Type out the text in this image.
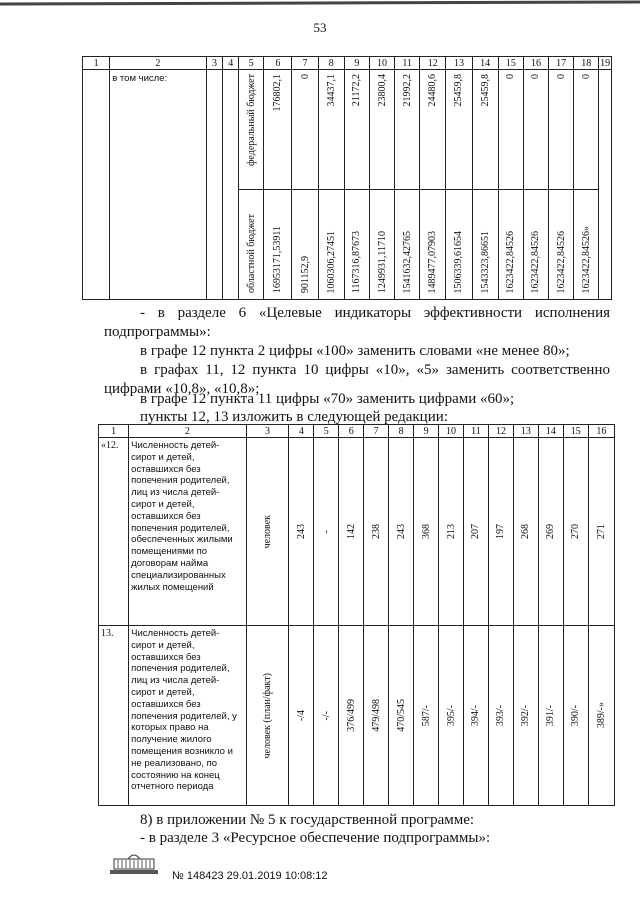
53
1	2	3	4	5	6	7	8	9	10	11	12	13	14	15	16	17	18	19
	в том числе:			федеральный бюджет	176802,1	0	34437,1	21172,2	23800,4	21992,2	24480,6	25459,8	25459,8	0	0	0	0	

				областной бюджет	16953171,53911	901152,9	1060306,27451	1167316,87673	1249931,11710	1541632,42765	1489477,07903	1506339,61654	1543323,86651	1623422,84526	1623422,84526	1623422,84526	1623422,84526»	
- в разделе 6 «Целевые индикаторы эффективности исполнения подпрограммы»:
в графе 12 пункта 2 цифры «100» заменить словами «не менее 80»;
в графах 11, 12 пункта 10 цифры «10», «5» заменить соответственно цифрами «10,8», «10,8»;
в графе 12 пункта 11 цифры «70» заменить цифрами «60»;
пункты 12, 13 изложить в следующей редакции:
1	2	3	4	5	6	7	8	9	10	11	12	13	14	15	16
«12.	Численность детей-сирот и детей, оставшихся без попечения родителей, лиц из числа детей-сирот и детей, оставшихся без попечения родителей, обеспеченных жилыми помещениями по договорам найма специализированных жилых помещений	человек	243	-	142	238	243	368	213	207	197	268	269	270	271

13.	Численность детей-сирот и детей, оставшихся без попечения родителей, лиц из числа детей-сирот и детей, оставшихся без попечения родителей, у которых право на получение жилого помещения возникло и не реализовано, по состоянию на конец отчетного периода	человек (план/факт)	-/4	-/-	376/499	479/498	470/545	587/-	395/-	394/-	393/-	392/-	391/-	390/-	389/-»
8) в приложении № 5 к государственной программе:
- в разделе 3 «Ресурсное обеспечение подпрограммы»:
№ 148423 29.01.2019 10:08:12
